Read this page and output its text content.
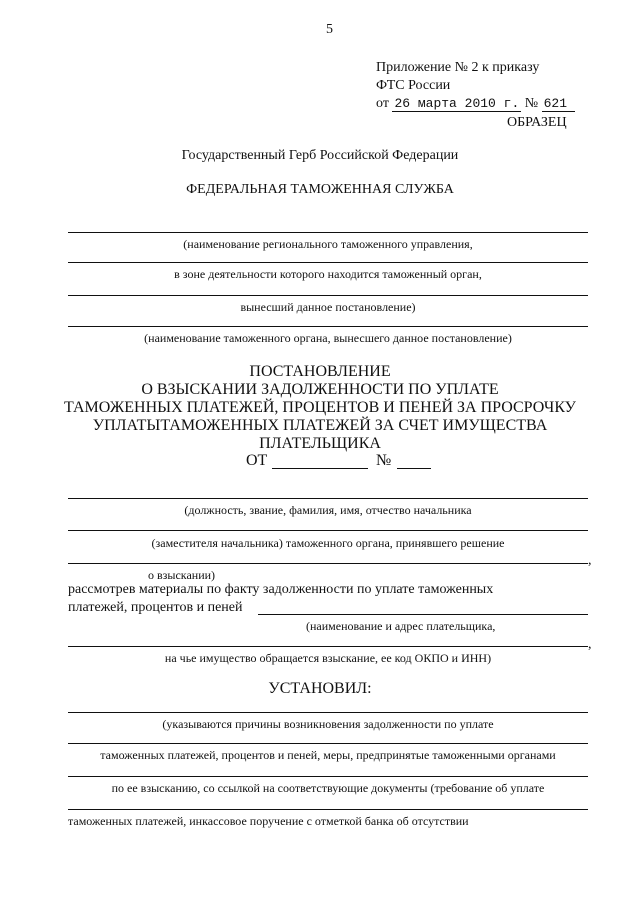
5
Приложение № 2 к приказу
ФТС России
от 26 марта 2010 г. № 621
ОБРАЗЕЦ
Государственный Герб Российской Федерации
ФЕДЕРАЛЬНАЯ ТАМОЖЕННАЯ СЛУЖБА
(наименование регионального таможенного управления,
в зоне деятельности которого находится таможенный орган,
вынесший данное постановление)
(наименование таможенного органа, вынесшего данное постановление)
ПОСТАНОВЛЕНИЕ
О ВЗЫСКАНИИ ЗАДОЛЖЕННОСТИ ПО УПЛАТЕ
ТАМОЖЕННЫХ ПЛАТЕЖЕЙ, ПРОЦЕНТОВ И ПЕНЕЙ ЗА ПРОСРОЧКУ
УПЛАТЫТАМОЖЕННЫХ ПЛАТЕЖЕЙ ЗА СЧЕТ ИМУЩЕСТВА
ПЛАТЕЛЬЩИКА
ОТ	№
(должность, звание, фамилия, имя, отчество начальника
(заместителя начальника) таможенного органа, принявшего решение
,
о взыскании)
рассмотрев материалы по факту задолженности по уплате таможенных
платежей, процентов и пеней
(наименование и адрес плательщика,
,
на чье имущество обращается взыскание, ее код ОКПО и ИНН)
УСТАНОВИЛ:
(указываются причины возникновения задолженности по уплате
таможенных платежей, процентов и пеней, меры, предпринятые таможенными органами
по ее взысканию, со ссылкой на соответствующие документы (требование об уплате
таможенных платежей, инкассовое поручение с отметкой банка об отсутствии
